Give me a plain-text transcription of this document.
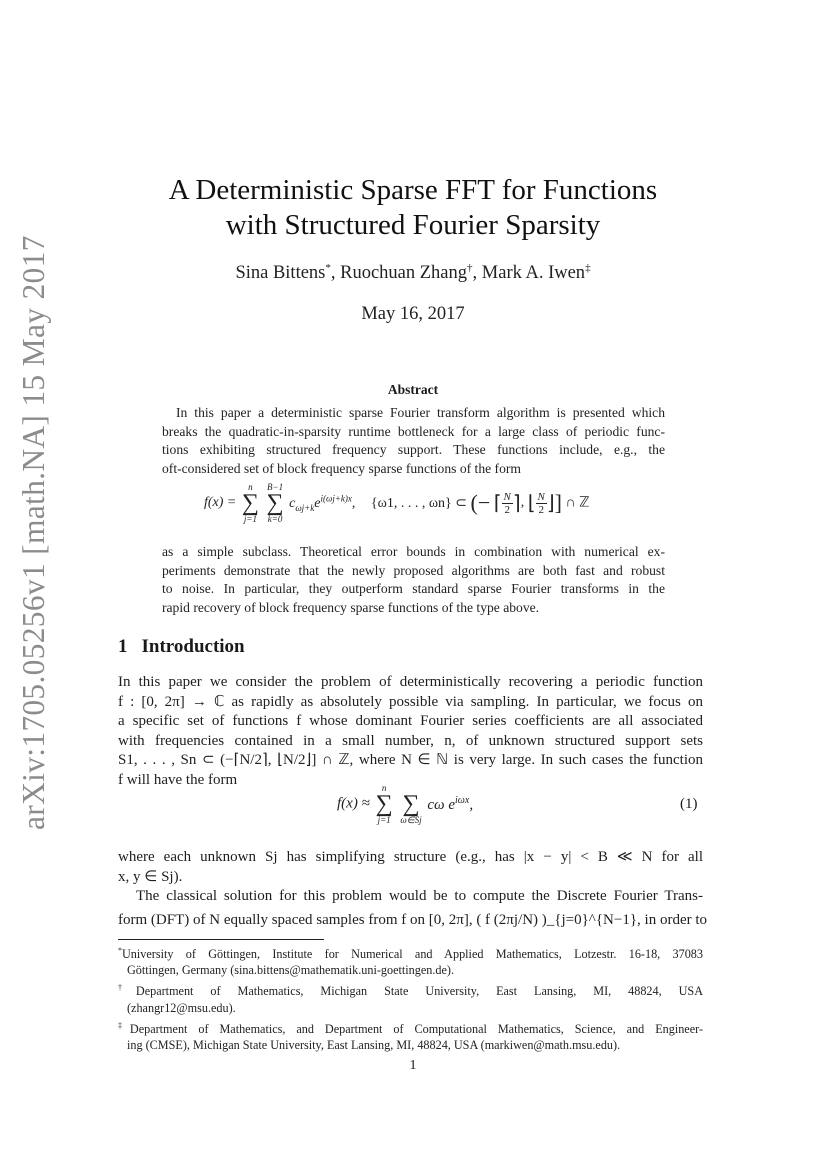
arXiv:1705.05256v1 [math.NA] 15 May 2017
A Deterministic Sparse FFT for Functions
with Structured Fourier Sparsity
Sina Bittens*, Ruochuan Zhang†, Mark A. Iwen‡
May 16, 2017
Abstract
In this paper a deterministic sparse Fourier transform algorithm is presented which
breaks the quadratic-in-sparsity runtime bottleneck for a large class of periodic func-
tions exhibiting structured frequency support. These functions include, e.g., the
oft-considered set of block frequency sparse functions of the form
f(x) =
n
∑
j=1

B−1
∑
k=0
$c_{\omega j+k}e^{i(\omega j+k)x}$, {ω1, . . . , ωn} ⊂ (− ⌈ $\frac{N}{2}$ ⌉, ⌊ $\frac{N}{2}$ ⌋] ∩ ℤ
as a simple subclass. Theoretical error bounds in combination with numerical ex-
periments demonstrate that the newly proposed algorithms are both fast and robust
to noise. In particular, they outperform standard sparse Fourier transforms in the
rapid recovery of block frequency sparse functions of the type above.
1 Introduction
In this paper we consider the problem of deterministically recovering a periodic function
f : [0, 2π] → ℂ as rapidly as absolutely possible via sampling. In particular, we focus on
a specific set of functions f whose dominant Fourier series coefficients are all associated
with frequencies contained in a small number, n, of unknown structured support sets
S1, . . . , Sn ⊂ (−⌈N/2⌉, ⌊N/2⌋] ∩ ℤ, where N ∈ ℕ is very large. In such cases the function
f will have the form
f(x) ≈
n
∑
j=1

∑
ω∈Sj
cω $e^{i\omega x}$,	(1)
where each unknown Sj has simplifying structure (e.g., has |x − y| < B ≪ N for all
x, y ∈ Sj).
The classical solution for this problem would be to compute the Discrete Fourier Trans-
form (DFT) of N equally spaced samples from f on [0, 2π], ( f (2πj/N) )_{j=0}^{N−1}, in order to
*University of Göttingen, Institute for Numerical and Applied Mathematics, Lotzestr. 16-18, 37083
Göttingen, Germany (sina.bittens@mathematik.uni-goettingen.de).
†Department of Mathematics, Michigan State University, East Lansing, MI, 48824, USA
(zhangr12@msu.edu).
‡Department of Mathematics, and Department of Computational Mathematics, Science, and Engineer-
ing (CMSE), Michigan State University, East Lansing, MI, 48824, USA (markiwen@math.msu.edu).
1
